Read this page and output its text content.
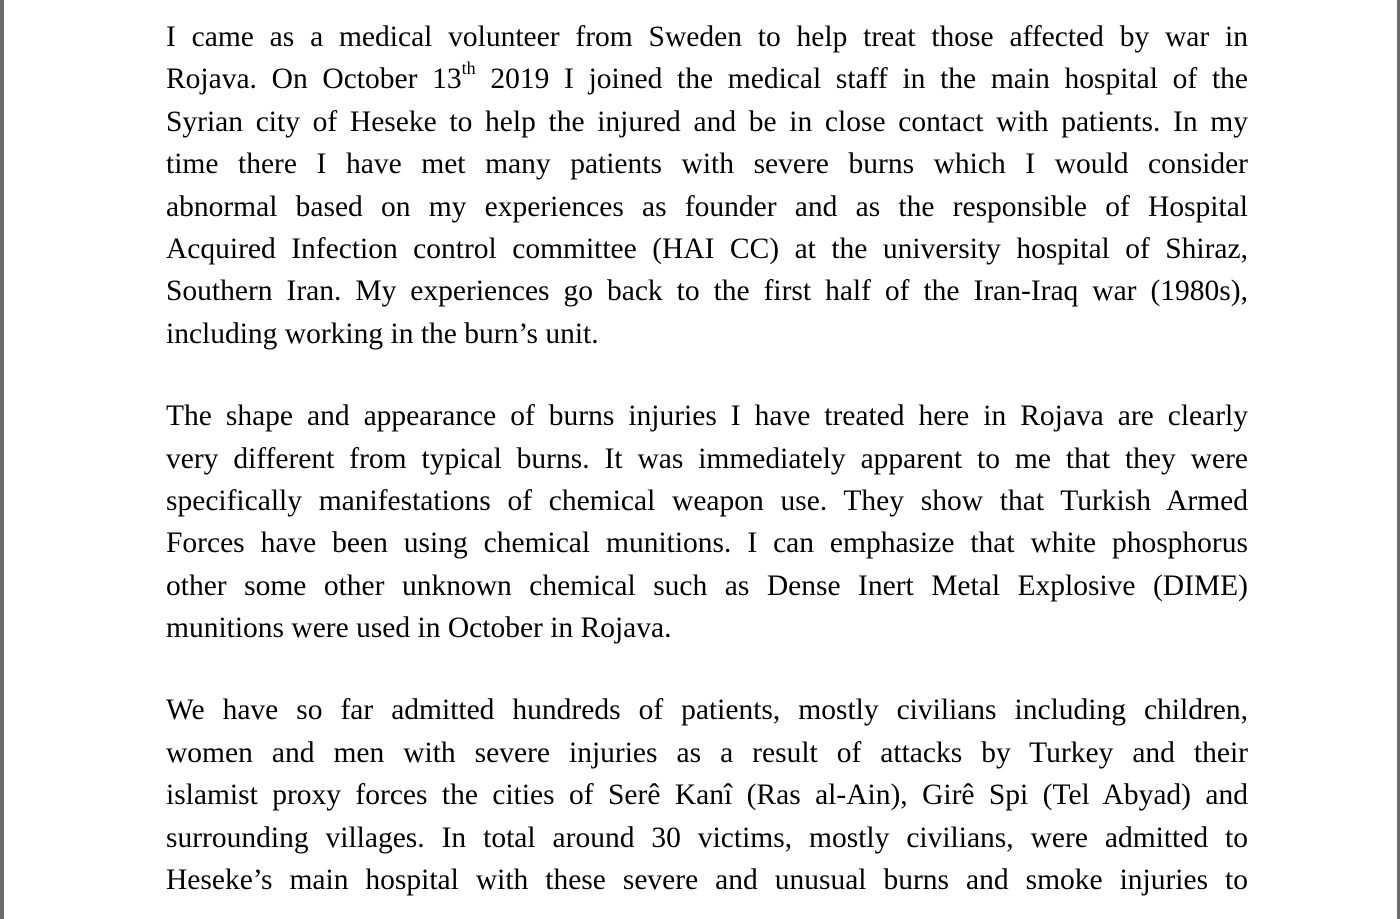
I came as a medical volunteer from Sweden to help treat those affected by war in
Rojava. On October 13th 2019 I joined the medical staff in the main hospital of the
Syrian city of Heseke to help the injured and be in close contact with patients. In my
time there I have met many patients with severe burns which I would consider
abnormal based on my experiences as founder and as the responsible of Hospital
Acquired Infection control committee (HAI CC) at the university hospital of Shiraz,
Southern Iran. My experiences go back to the first half of the Iran-Iraq war (1980s),
including working in the burn’s unit.
The shape and appearance of burns injuries I have treated here in Rojava are clearly
very different from typical burns. It was immediately apparent to me that they were
specifically manifestations of chemical weapon use. They show that Turkish Armed
Forces have been using chemical munitions. I can emphasize that white phosphorus
other some other unknown chemical such as Dense Inert Metal Explosive (DIME)
munitions were used in October in Rojava.
We have so far admitted hundreds of patients, mostly civilians including children,
women and men with severe injuries as a result of attacks by Turkey and their
islamist proxy forces the cities of Serê Kanî (Ras al-Ain), Girê Spi (Tel Abyad) and
surrounding villages. In total around 30 victims, mostly civilians, were admitted to
Heseke’s main hospital with these severe and unusual burns and smoke injuries to
